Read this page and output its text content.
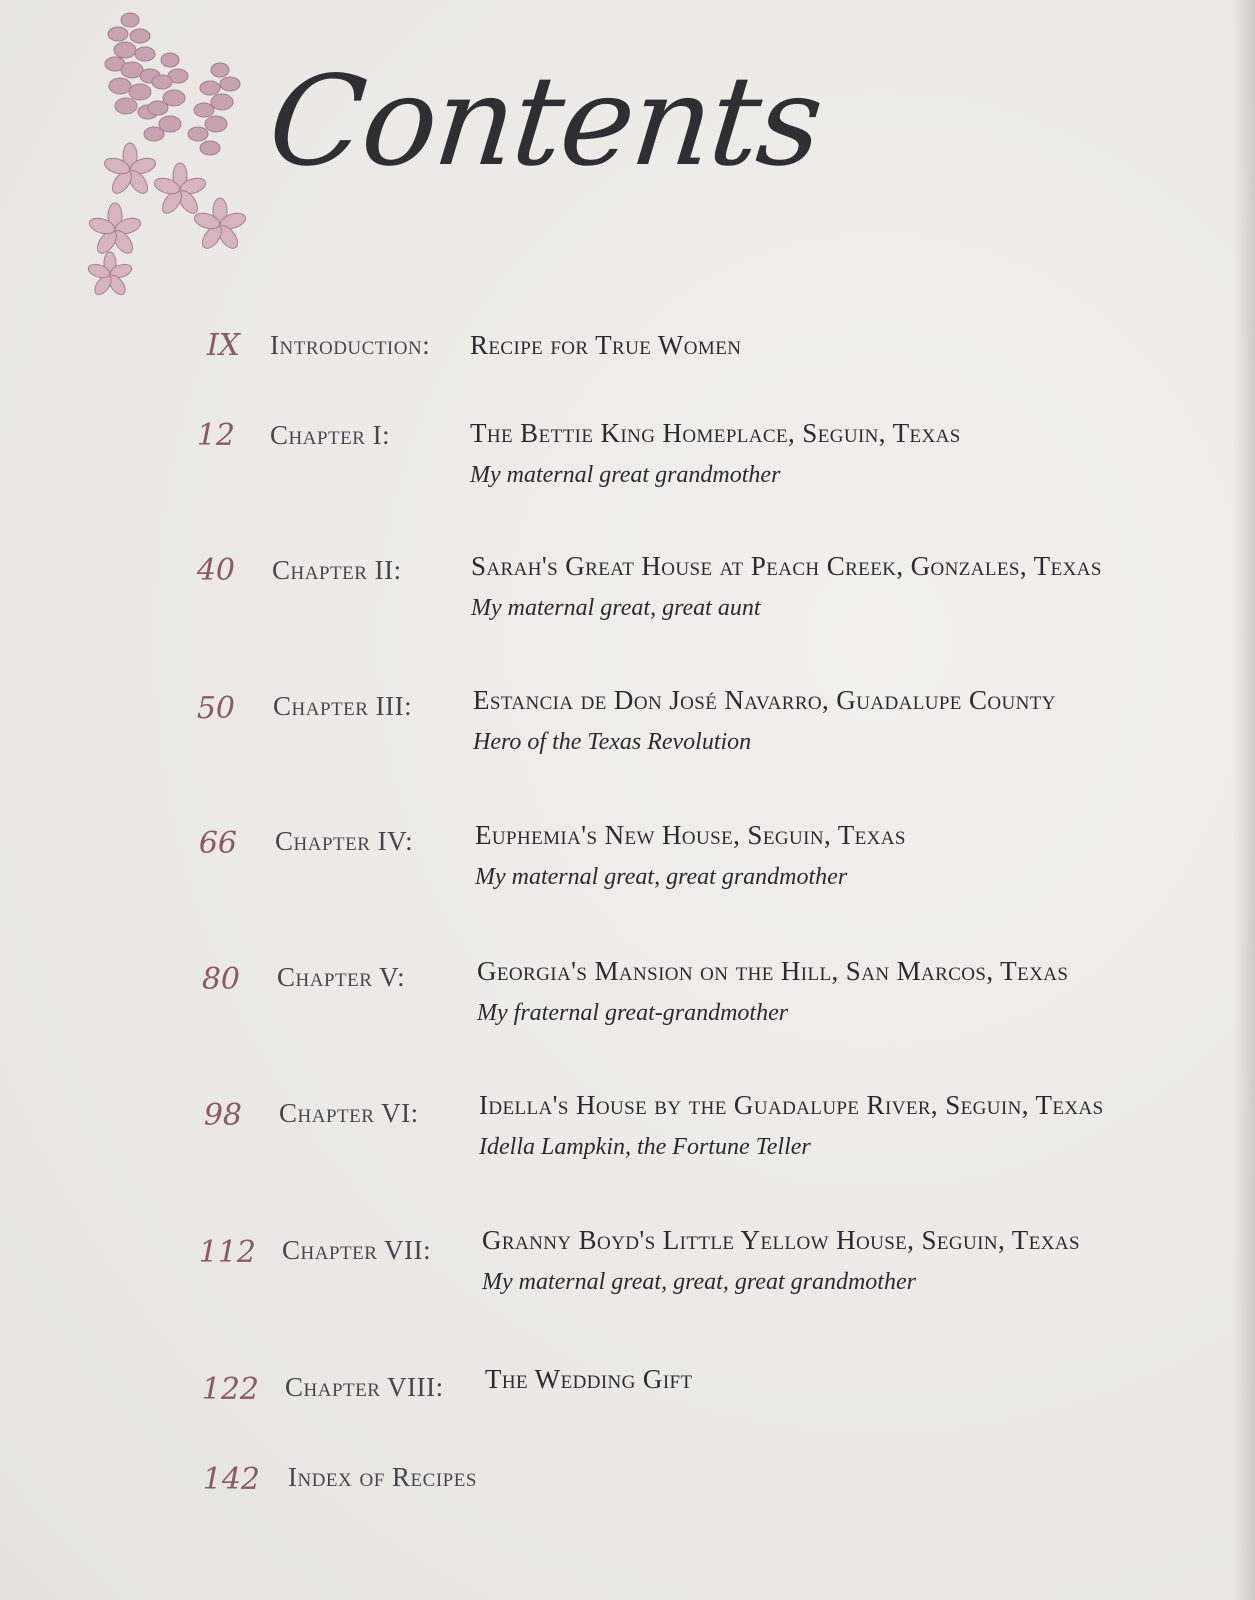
Contents
IX Introduction: Recipe for True Women
12 Chapter I:	The Bettie King Homeplace, Seguin, Texas
My maternal great grandmother
40 Chapter II:	Sarah's Great House at Peach Creek, Gonzales, Texas
My maternal great, great aunt
50 Chapter III: Estancia de Don José Navarro, Guadalupe County
Hero of the Texas Revolution
66 Chapter IV: Euphemia's New House, Seguin, Texas
My maternal great, great grandmother
80 Chapter V:	Georgia's Mansion on the Hill, San Marcos, Texas
My fraternal great-grandmother
98 Chapter VI: Idella's House by the Guadalupe River, Seguin, Texas
Idella Lampkin, the Fortune Teller
112 Chapter VII: Granny Boyd's Little Yellow House, Seguin, Texas
My maternal great, great, great grandmother
122 Chapter VIII: The Wedding Gift
142 Index of Recipes
